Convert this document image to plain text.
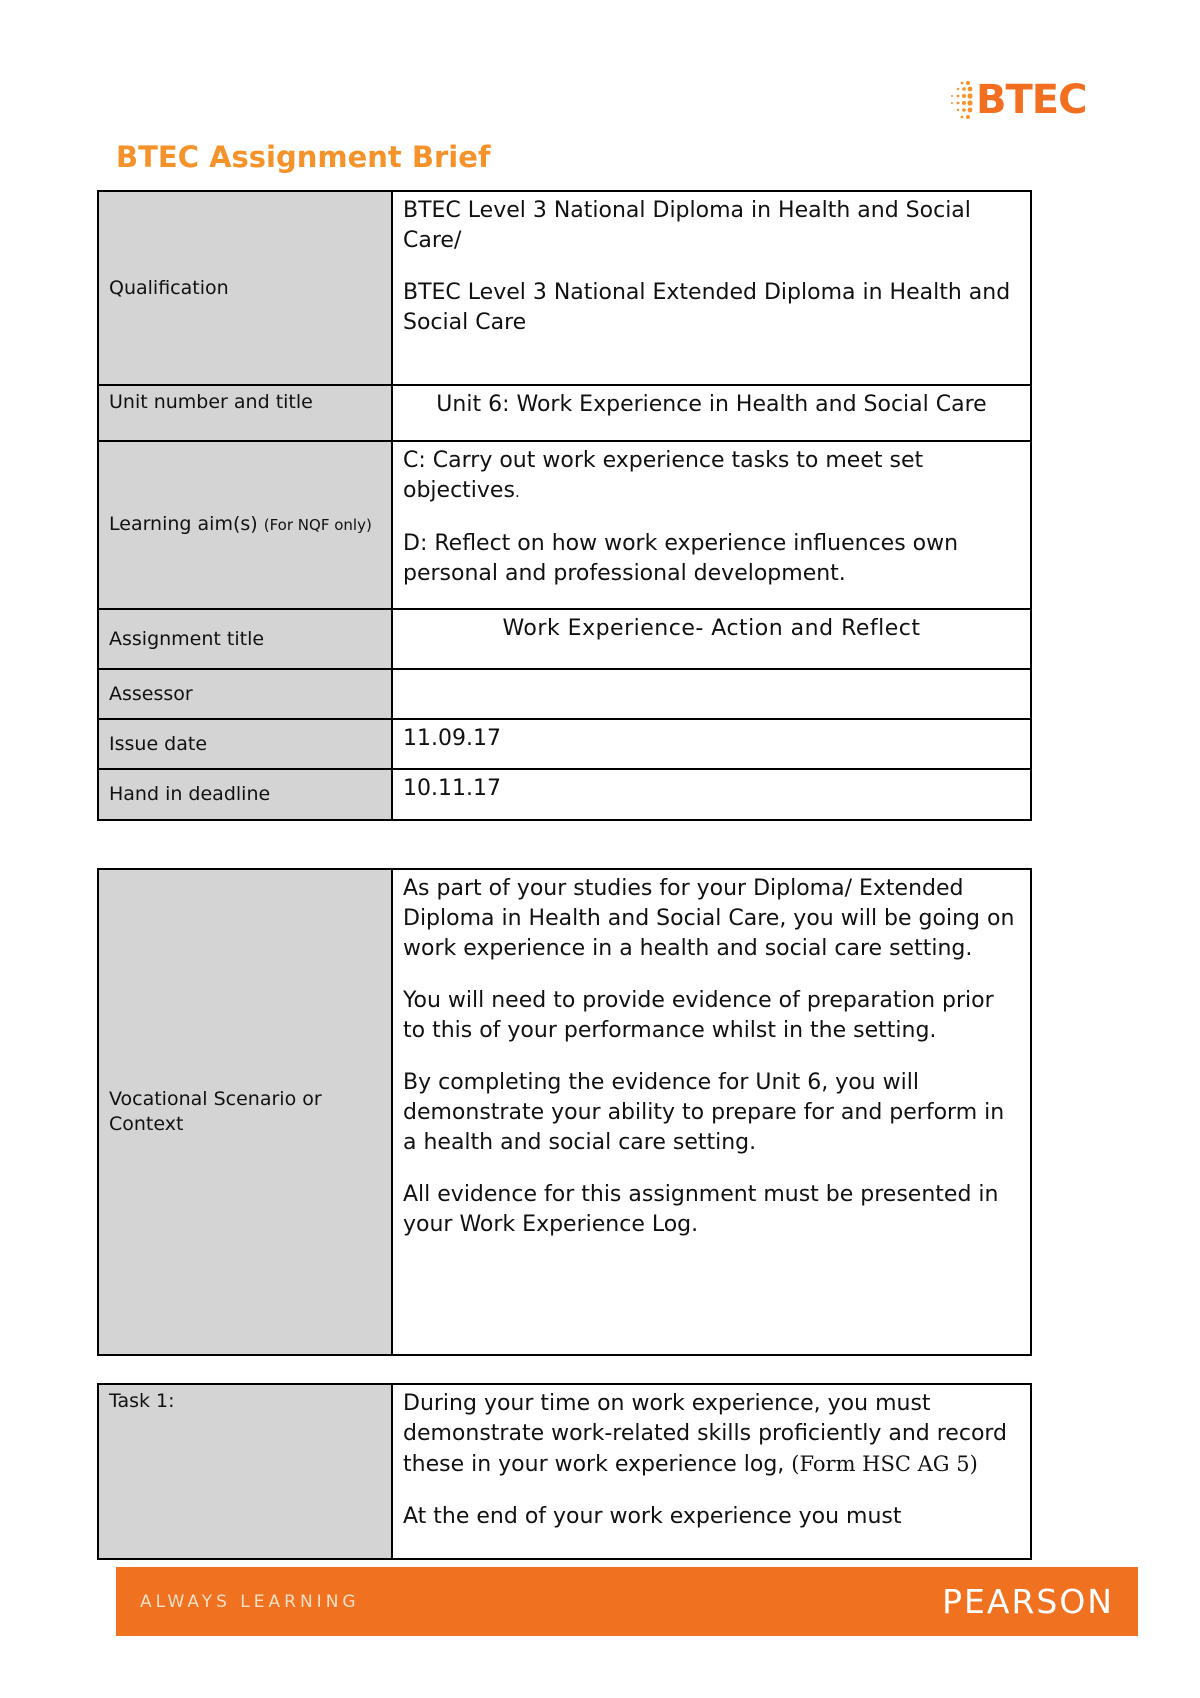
BTEC
BTEC Assignment Brief
Qualification	BTEC Level 3 National Diploma in Health and Social Care/

BTEC Level 3 National Extended Diploma in Health and Social Care

Unit number and title	Unit 6: Work Experience in Health and Social Care
Learning aim(s) (For NQF only)	C: Carry out work experience tasks to meet set objectives.

D: Reflect on how work experience influences own personal and professional development.

Assignment title	Work Experience- Action and Reflect
Assessor	
Issue date	11.09.17
Hand in deadline	10.11.17
Vocational Scenario or Context	

As part of your studies for your Diploma/ Extended Diploma in Health and Social Care, you will be going on work experience in a health and social care setting.

You will need to provide evidence of preparation prior to this of your performance whilst in the setting.

By completing the evidence for Unit 6, you will demonstrate your ability to prepare for and perform in a health and social care setting.

All evidence for this assignment must be presented in your Work Experience Log.

Task 1:	During your time on work experience, you must demonstrate work-related skills proficiently and record these in your work experience log, (Form HSC AG 5)

At the end of your work experience you must

ALWAYS LEARNING	PEARSON
